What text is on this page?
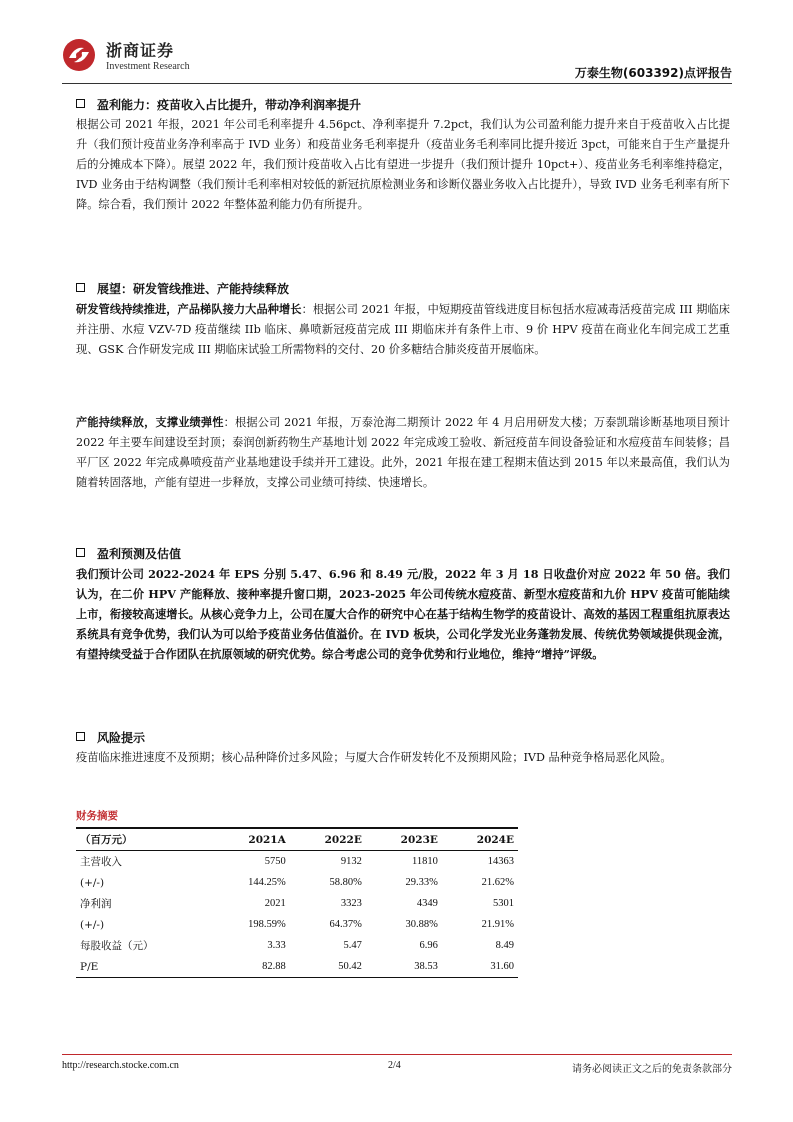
浙商证券
Investment Research	万泰生物(603392)点评报告
盈利能力：疫苗收入占比提升，带动净利润率提升
根据公司 2021 年报，2021 年公司毛利率提升 4.56pct、净利率提升 7.2pct，我们认为公司盈利能力提升来自于疫苗收入占比提升（我们预计疫苗业务净利率高于 IVD 业务）和疫苗业务毛利率提升（疫苗业务毛利率同比提升接近 3pct，可能来自于生产量提升后的分摊成本下降）。展望 2022 年，我们预计疫苗收入占比有望进一步提升（我们预计提升 10pct+）、疫苗业务毛利率维持稳定，IVD 业务由于结构调整（我们预计毛利率相对较低的新冠抗原检测业务和诊断仪器业务收入占比提升），导致 IVD 业务毛利率有所下降。综合看，我们预计 2022 年整体盈利能力仍有所提升。
展望：研发管线推进、产能持续释放
研发管线持续推进，产品梯队接力大品种增长：根据公司 2021 年报，中短期疫苗管线进度目标包括水痘减毒活疫苗完成 III 期临床并注册、水痘 VZV-7D 疫苗继续 IIb 临床、鼻喷新冠疫苗完成 III 期临床并有条件上市、9 价 HPV 疫苗在商业化车间完成工艺重现、GSK 合作研发完成 III 期临床试验工所需物料的交付、20 价多糖结合肺炎疫苗开展临床。
产能持续释放，支撑业绩弹性：根据公司 2021 年报，万泰沧海二期预计 2022 年 4 月启用研发大楼；万泰凯瑞诊断基地项目预计 2022 年主要车间建设至封顶；泰润创新药物生产基地计划 2022 年完成竣工验收、新冠疫苗车间设备验证和水痘疫苗车间装修；昌平厂区 2022 年完成鼻喷疫苗产业基地建设手续并开工建设。此外，2021 年报在建工程期末值达到 2015 年以来最高值，我们认为随着转固落地，产能有望进一步释放，支撑公司业绩可持续、快速增长。
盈利预测及估值
我们预计公司 2022-2024 年 EPS 分别 5.47、6.96 和 8.49 元/股，2022 年 3 月 18 日收盘价对应 2022 年 50 倍。我们认为，在二价 HPV 产能释放、接种率提升窗口期，2023-2025 年公司传统水痘疫苗、新型水痘疫苗和九价 HPV 疫苗可能陆续上市，衔接较高速增长。从核心竞争力上，公司在厦大合作的研究中心在基于结构生物学的疫苗设计、高效的基因工程重组抗原表达系统具有竞争优势，我们认为可以给予疫苗业务估值溢价。在 IVD 板块，公司化学发光业务蓬勃发展、传统优势领域提供现金流，有望持续受益于合作团队在抗原领域的研究优势。综合考虑公司的竞争优势和行业地位，维持“增持”评级。
风险提示
疫苗临床推进速度不及预期；核心品种降价过多风险；与厦大合作研发转化不及预期风险；IVD 品种竞争格局恶化风险。
财务摘要
（百万元）	2021A	2022E	2023E	2024E
主营收入	5750	9132	11810	14363
(+/-)	144.25%	58.80%	29.33%	21.62%
净利润	2021	3323	4349	5301
(+/-)	198.59%	64.37%	30.88%	21.91%
每股收益（元）	3.33	5.47	6.96	8.49
P/E	82.88	50.42	38.53	31.60
http://research.stocke.com.cn	2/4	请务必阅读正文之后的免责条款部分
